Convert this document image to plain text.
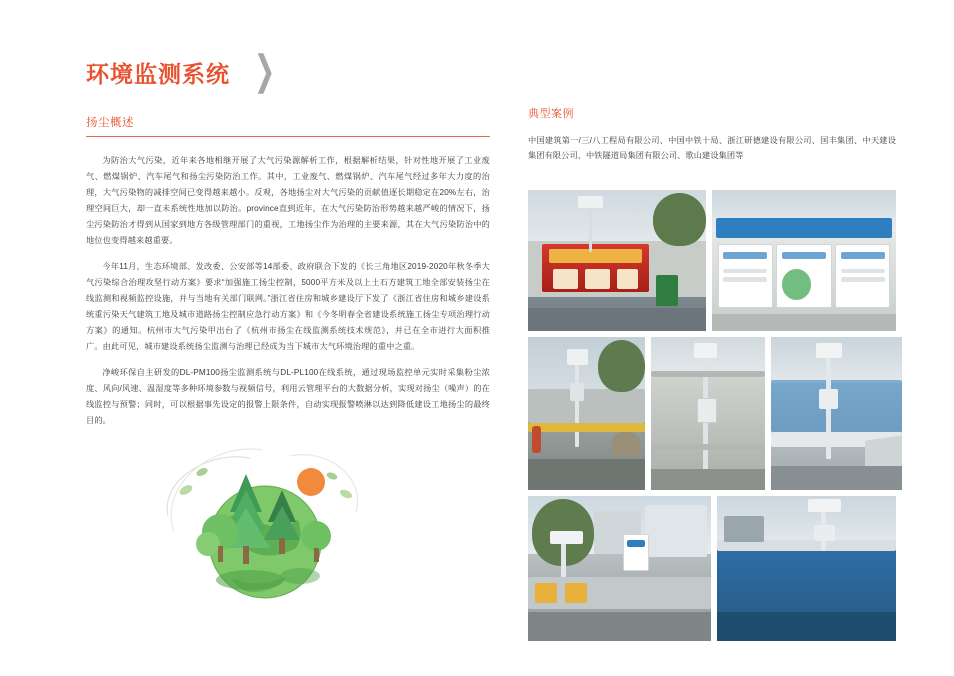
环境监测系统 ❯
扬尘概述

为防治大气污染，近年来各地相继开展了大气污染源解析工作，根据解析结果，针对性地开展了工业废气、燃煤锅炉、汽车尾气和扬尘污染防治工作。其中，工业废气、燃煤锅炉、汽车尾气经过多年大力度的治理，大气污染物的减排空间已变得越来越小。反观，各地扬尘对大气污染的贡献值逐长期稳定在20%左右，治理空间巨大，却一直未系统性地加以防治。province直到近年，在大气污染防治形势越来越严峻的情况下，扬尘污染防治才得到从国家到地方各级管理部门的重视，工地扬尘作为治理的主要来源，其在大气污染防治中的地位也变得越来越重要。

今年11月，生态环境部、发改委、公安部等14部委、政府联合下发的《长三角地区2019-2020年秋冬季大气污染综合治理攻坚行动方案》要求“加强施工扬尘控制，5000平方米及以上土石方建筑工地全部安装扬尘在线监测和视频监控设施，并与当地有关部门联网。”浙江省住房和城乡建设厅下发了《浙江省住房和城乡建设系统重污染天气建筑工地及城市道路扬尘控制应急行动方案》和《今冬明春全省建设系统施工扬尘专项治理行动方案》的通知。杭州市大气污染甲出台了《杭州市扬尘在线监测系统技术规范》，并已在全市进行大面积推广。由此可见，城市建设系统扬尘监测与治理已经成为当下城市大气环境治理的重中之重。

净峻环保自主研发的DL-PM100扬尘监测系统与DL-PL100在线系统，通过现场监控单元实时采集粉尘浓度、风向/风速、温湿度等多种环境参数与视频信号，利用云管理平台的大数据分析，实现对扬尘（噪声）的在线监控与预警；同时，可以根据事先设定的报警上限条件，自动实现报警喷淋以达到降低建设工地扬尘的最终目的。

典型案例
中国建筑第一/三/八工程局有限公司、中国中铁十局、浙江研德建设有限公司、国丰集团、中天建设集团有限公司、中铁隧道局集团有限公司、歌山建设集团等
